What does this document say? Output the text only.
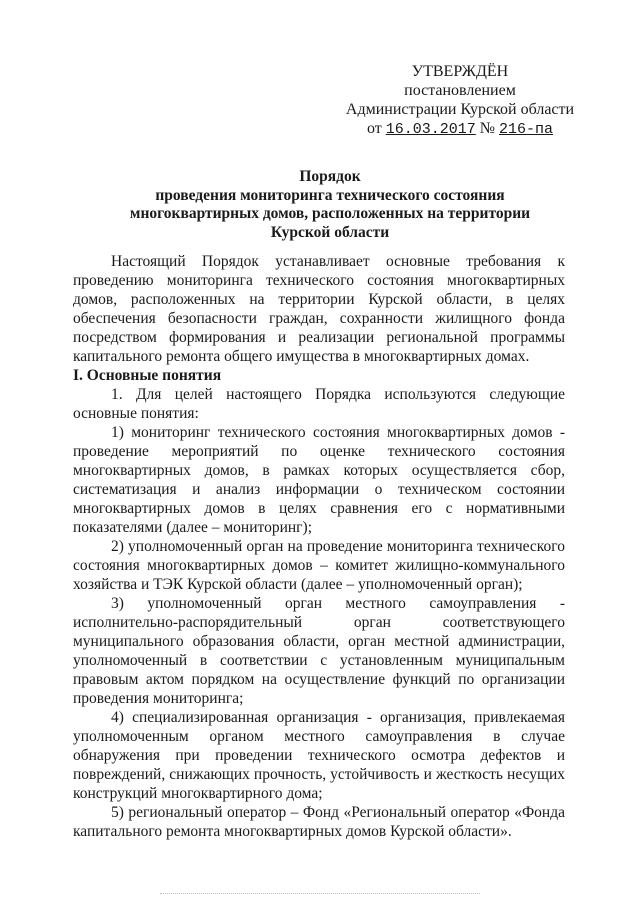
УТВЕРЖДЁН
постановлением
Администрации Курской области
от 16.03.2017 № 216-па
Порядок
проведения мониторинга технического состояния
многоквартирных домов, расположенных на территории
Курской области

Настоящий Порядок устанавливает основные требования к проведению мониторинга технического состояния многоквартирных домов, расположенных на территории Курской области, в целях обеспечения безопасности граждан, сохранности жилищного фонда посредством формирования и реализации региональной программы капитального ремонта общего имущества в многоквартирных домах.

I. Основные понятия

1. Для целей настоящего Порядка используются следующие основные понятия:

1) мониторинг технического состояния многоквартирных домов - проведение мероприятий по оценке технического состояния многоквартирных домов, в рамках которых осуществляется сбор, систематизация и анализ информации о техническом состоянии многоквартирных домов в целях сравнения его с нормативными показателями (далее – мониторинг);

2) уполномоченный орган на проведение мониторинга технического состояния многоквартирных домов – комитет жилищно-коммунального хозяйства и ТЭК Курской области (далее – уполномоченный орган);

3) уполномоченный орган местного самоуправления - исполнительно-распорядительный орган соответствующего муниципального образования области, орган местной администрации, уполномоченный в соответствии с установленным муниципальным правовым актом порядком на осуществление функций по организации проведения мониторинга;

4) специализированная организация - организация, привлекаемая уполномоченным органом местного самоуправления в случае обнаружения при проведении технического осмотра дефектов и повреждений, снижающих прочность, устойчивость и жесткость несущих конструкций многоквартирного дома;

5) региональный оператор – Фонд «Региональный оператор «Фонда капитального ремонта многоквартирных домов Курской области».
